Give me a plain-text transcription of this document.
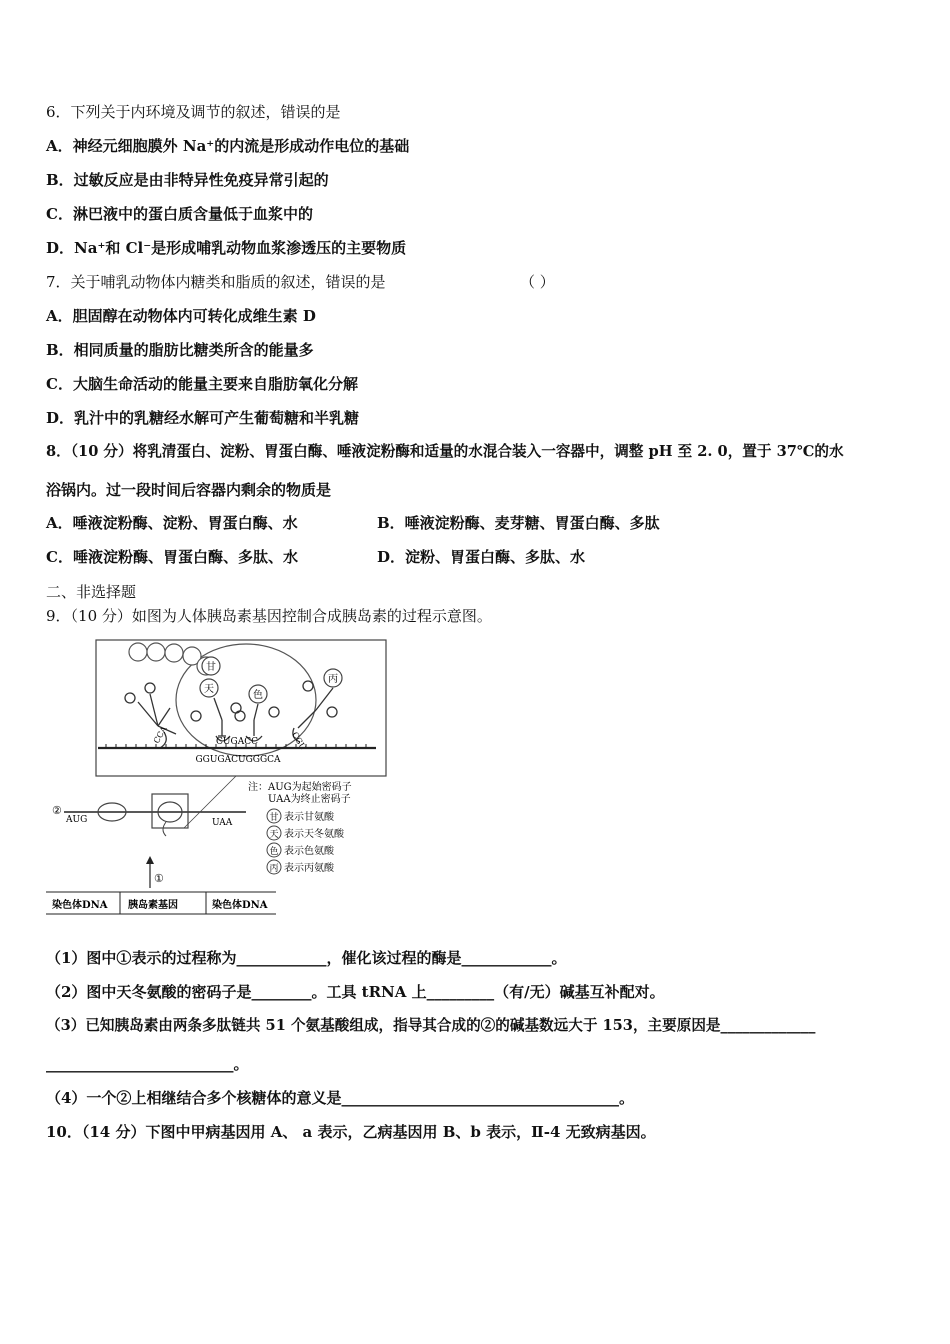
6．下列关于内环境及调节的叙述，错误的是
A．神经元细胞膜外 Na⁺的内流是形成动作电位的基础
B．过敏反应是由非特异性免疫异常引起的
C．淋巴液中的蛋白质含量低于血浆中的
D．Na⁺和 Cl⁻是形成哺乳动物血浆渗透压的主要物质
7．关于哺乳动物体内糖类和脂质的叙述，错误的是	（ ）
A．胆固醇在动物体内可转化成维生素 D
B．相同质量的脂肪比糖类所含的能量多
C．大脑生命活动的能量主要来自脂肪氧化分解
D．乳汁中的乳糖经水解可产生葡萄糖和半乳糖
8．（10 分）将乳清蛋白、淀粉、胃蛋白酶、唾液淀粉酶和适量的水混合装入一容器中，调整 pH 至 2. 0，置于 37℃的水
浴锅内。过一段时间后容器内剩余的物质是
A．唾液淀粉酶、淀粉、胃蛋白酶、水	B．唾液淀粉酶、麦芽糖、胃蛋白酶、多肽
C．唾液淀粉酶、胃蛋白酶、多肽、水	D．淀粉、胃蛋白酶、多肽、水
二、非选择题
9．（10 分）如图为人体胰岛素基因控制合成胰岛素的过程示意图。
甘
天
色
丙
CCA	CGU
CUGACC
GGUGACUGGGCA
②
AUG	UAA
①
注：AUG为起始密码子
UAA为终止密码子
甘
天
色
丙
表示甘氨酸
表示天冬氨酸
表示色氨酸
表示丙氨酸
染色体DNA 胰岛素基因	染色体DNA
（1）图中①表示的过程称为____________，催化该过程的酶是____________。
（2）图中天冬氨酸的密码子是________。工具 tRNA 上_________（有/无）碱基互补配对。
（3）已知胰岛素由两条多肽链共 51 个氨基酸组成，指导其合成的②的碱基数远大于 153，主要原因是_____________
_________________________。
（4）一个②上相继结合多个核糖体的意义是_____________________________________。
10．（14 分）下图中甲病基因用 A、 a 表示，乙病基因用 B、b 表示，Ⅱ-4 无致病基因。
